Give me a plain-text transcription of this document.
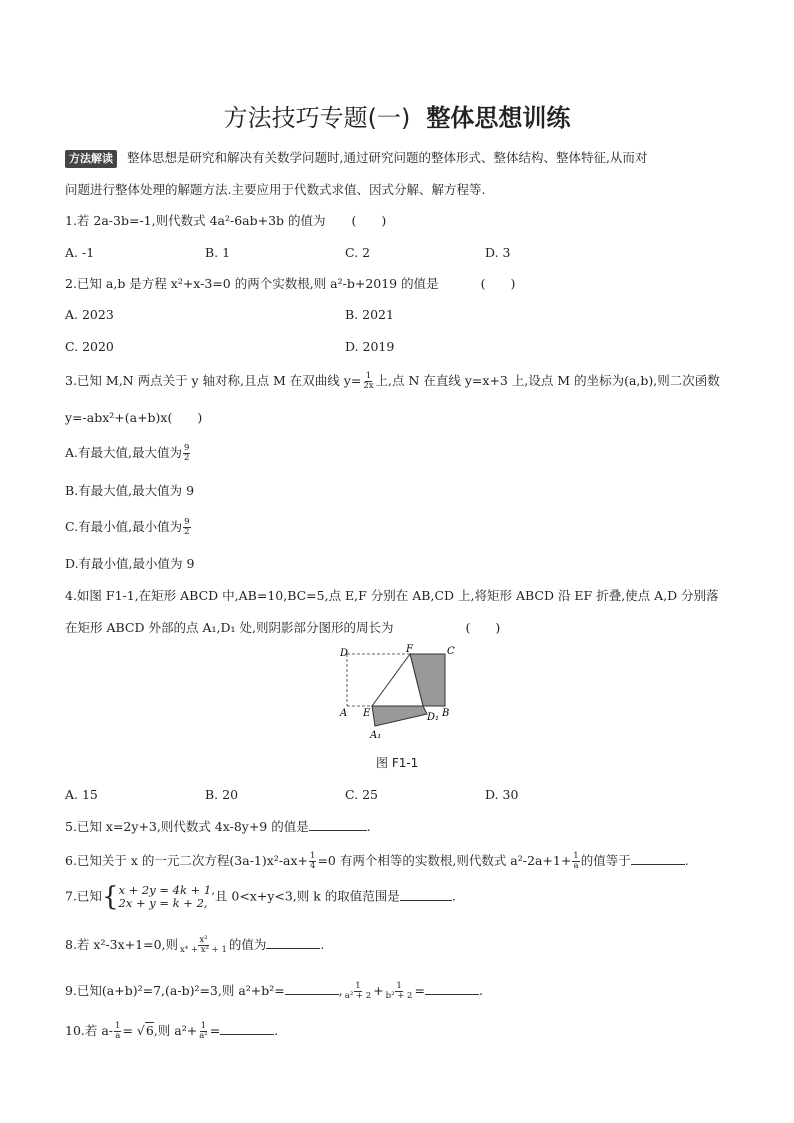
方法技巧专题(一) 整体思想训练
方法解读 整体思想是研究和解决有关数学问题时,通过研究问题的整体形式、整体结构、整体特征,从而对
问题进行整体处理的解题方法.主要应用于代数式求值、因式分解、解方程等.
1.若 2a-3b=-1,则代数式 4a²-6ab+3b 的值为 (　　)
A. -1	B. 1	C. 2	D. 3
2.已知 a,b 是方程 x²+x-3=0 的两个实数根,则 a²-b+2019 的值是	(　　)
A. 2023	B. 2021
C. 2020	D. 2019
3.已知 M,N 两点关于 y 轴对称,且点 M 在双曲线 $y= \frac{1}{2x}$ 上,点 N 在直线 y=x+3 上,设点 M 的坐标为(a,b),则二次函数
y=-abx²+(a+b)x(　　)
A.有最大值,最大值为 $\frac{9}{2}$
B.有最大值,最大值为 9
C.有最小值,最小值为 $\frac{9}{2}$
D.有最小值,最小值为 9
4.如图 F1-1,在矩形 ABCD 中,AB=10,BC=5,点 E,F 分别在 AB,CD 上,将矩形 ABCD 沿 EF 折叠,使点 A,D 分别落
在矩形 ABCD 外部的点 A₁,D₁ 处,则阴影部分图形的周长为	(　　)
D	F	C
A E	D₁ B
A₁
图 F1-1
A. 15	B. 20	C. 25	D. 30
5.已知 x=2y+3,则代数式 4x-8y+9 的值是	.
6.已知关于 x 的一元二次方程$(3a-1)x^2-ax+ \frac{1}{4} =0$ 有两个相等的实数根,则代数式 $a^2-2a+1+ \frac{1}{a}$ 的值等于	.
7.已知{ x + 2y = 4k + 1,
2x + y = k + 2, 且 0<x+y<3,则 k 的取值范围是	.
8.若 x²-3x+1=0,则 $\frac{\text{x²}}{\text{x⁴ + x² + 1}}$ 的值为	.
9.已知(a+b)²=7,(a-b)²=3,则 a²+b²=	, $\frac{1}{\text{a² + 2}} + \frac{1}{\text{b² + 2}}$ =	.
10.若 $a- \frac{1}{a} = √6$,则 $a^2+ \frac{1}{\text{a²}}$ =	.
